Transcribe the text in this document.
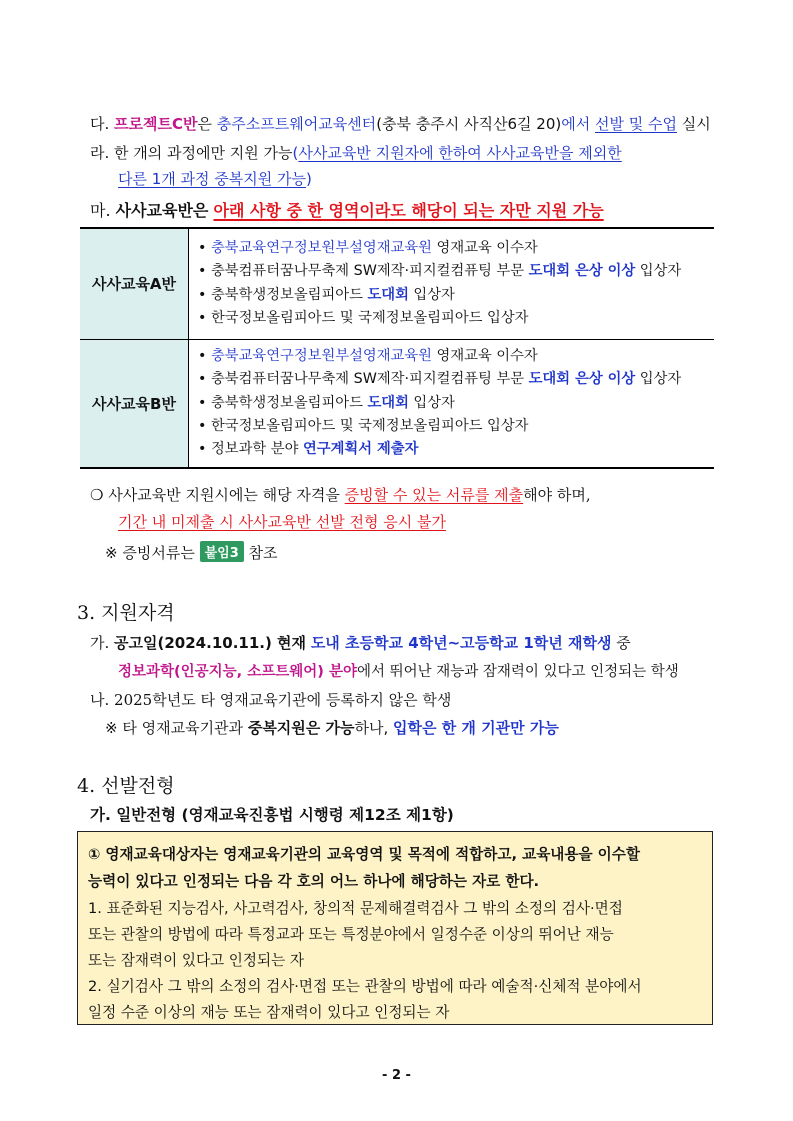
다. 프로젝트C반은 충주소프트웨어교육센터(충북 충주시 사직산6길 20)에서 선발 및 수업 실시
라. 한 개의 과정에만 지원 가능(사사교육반 지원자에 한하여 사사교육반을 제외한
다른 1개 과정 중복지원 가능)
마. 사사교육반은 아래 사항 중 한 영역이라도 해당이 되는 자만 지원 가능
사사교육A반	• 충북교육연구정보원부설영재교육원 영재교육 이수자
• 충북컴퓨터꿈나무축제 SW제작·피지컬컴퓨팅 부문 도대회 은상 이상 입상자
• 충북학생정보올림피아드 도대회 입상자
• 한국정보올림피아드 및 국제정보올림피아드 입상자

사사교육B반	• 충북교육연구정보원부설영재교육원 영재교육 이수자
• 충북컴퓨터꿈나무축제 SW제작·피지컬컴퓨팅 부문 도대회 은상 이상 입상자
• 충북학생정보올림피아드 도대회 입상자
• 한국정보올림피아드 및 국제정보올림피아드 입상자
• 정보과학 분야 연구계획서 제출자
❍ 사사교육반 지원시에는 해당 자격을 증빙할 수 있는 서류를 제출해야 하며,
기간 내 미제출 시 사사교육반 선발 전형 응시 불가
※ 증빙서류는 붙임3 참조
3. 지원자격
가. 공고일(2024.10.11.) 현재 도내 초등학교 4학년~고등학교 1학년 재학생 중
정보과학(인공지능, 소프트웨어) 분야에서 뛰어난 재능과 잠재력이 있다고 인정되는 학생
나. 2025학년도 타 영재교육기관에 등록하지 않은 학생
※ 타 영재교육기관과 중복지원은 가능하나, 입학은 한 개 기관만 가능
4. 선발전형
가. 일반전형 (영재교육진흥법 시행령 제12조 제1항)
① 영재교육대상자는 영재교육기관의 교육영역 및 목적에 적합하고, 교육내용을 이수할
능력이 있다고 인정되는 다음 각 호의 어느 하나에 해당하는 자로 한다.
1. 표준화된 지능검사, 사고력검사, 창의적 문제해결력검사 그 밖의 소정의 검사·면접
또는 관찰의 방법에 따라 특정교과 또는 특정분야에서 일정수준 이상의 뛰어난 재능
또는 잠재력이 있다고 인정되는 자
2. 실기검사 그 밖의 소정의 검사·면접 또는 관찰의 방법에 따라 예술적·신체적 분야에서
일정 수준 이상의 재능 또는 잠재력이 있다고 인정되는 자
- 2 -
